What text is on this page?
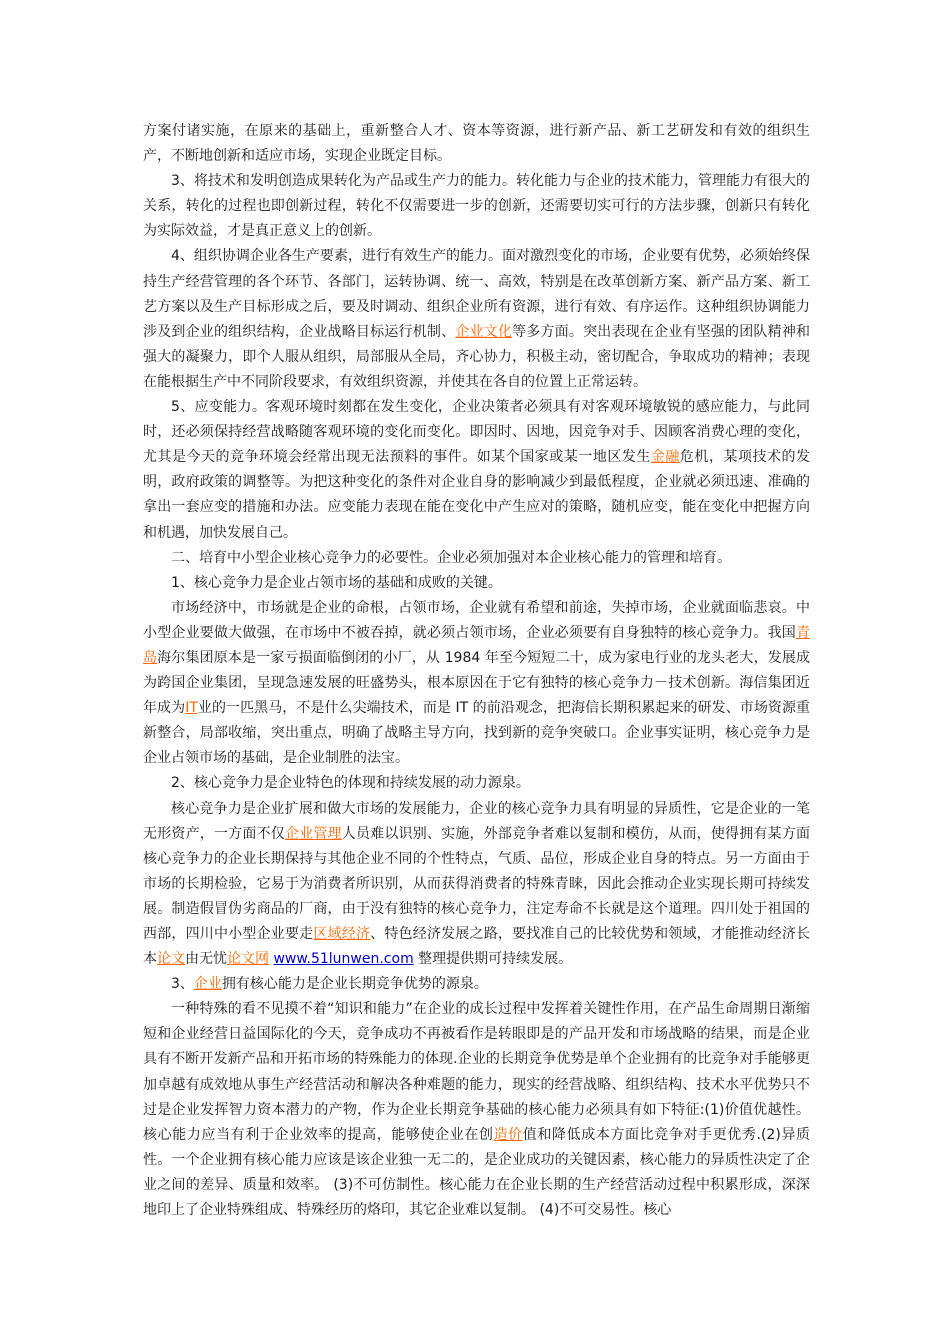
方案付诸实施，在原来的基础上，重新整合人才、资本等资源，进行新产品、新工艺研发和有效的组织生产，不断地创新和适应市场，实现企业既定目标。

3、将技术和发明创造成果转化为产品或生产力的能力。转化能力与企业的技术能力，管理能力有很大的关系，转化的过程也即创新过程，转化不仅需要进一步的创新，还需要切实可行的方法步骤，创新只有转化为实际效益，才是真正意义上的创新。

4、组织协调企业各生产要素，进行有效生产的能力。面对激烈变化的市场，企业要有优势，必须始终保持生产经营管理的各个环节、各部门，运转协调、统一、高效，特别是在改革创新方案、新产品方案、新工艺方案以及生产目标形成之后，要及时调动、组织企业所有资源，进行有效、有序运作。这种组织协调能力涉及到企业的组织结构，企业战略目标运行机制、企业文化等多方面。突出表现在企业有坚强的团队精神和强大的凝聚力，即个人服从组织，局部服从全局，齐心协力，积极主动，密切配合，争取成功的精神；表现在能根据生产中不同阶段要求，有效组织资源，并使其在各自的位置上正常运转。

5、应变能力。客观环境时刻都在发生变化，企业决策者必须具有对客观环境敏锐的感应能力，与此同时，还必须保持经营战略随客观环境的变化而变化。即因时、因地，因竞争对手、因顾客消费心理的变化，尤其是今天的竞争环境会经常出现无法预料的事件。如某个国家或某一地区发生金融危机，某项技术的发明，政府政策的调整等。为把这种变化的条件对企业自身的影响减少到最低程度，企业就必须迅速、准确的拿出一套应变的措施和办法。应变能力表现在能在变化中产生应对的策略，随机应变，能在变化中把握方向和机遇，加快发展自己。

二、培育中小型企业核心竞争力的必要性。企业必须加强对本企业核心能力的管理和培育。

1、核心竞争力是企业占领市场的基础和成败的关键。

市场经济中，市场就是企业的命根，占领市场，企业就有希望和前途，失掉市场，企业就面临悲哀。中小型企业要做大做强，在市场中不被吞掉，就必须占领市场，企业必须要有自身独特的核心竞争力。我国青岛海尔集团原本是一家亏损面临倒闭的小厂，从 1984 年至今短短二十，成为家电行业的龙头老大，发展成为跨国企业集团，呈现急速发展的旺盛势头，根本原因在于它有独特的核心竞争力－技术创新。海信集团近年成为IT业的一匹黑马，不是什么尖端技术，而是 IT 的前沿观念，把海信长期积累起来的研发、市场资源重新整合，局部收缩，突出重点，明确了战略主导方向，找到新的竞争突破口。企业事实证明，核心竞争力是企业占领市场的基础，是企业制胜的法宝。

2、核心竞争力是企业特色的体现和持续发展的动力源泉。

核心竞争力是企业扩展和做大市场的发展能力，企业的核心竞争力具有明显的异质性，它是企业的一笔无形资产，一方面不仅企业管理人员难以识别、实施，外部竞争者难以复制和模仿，从而，使得拥有某方面核心竞争力的企业长期保持与其他企业不同的个性特点，气质、品位，形成企业自身的特点。另一方面由于市场的长期检验，它易于为消费者所识别，从而获得消费者的特殊青睐，因此会推动企业实现长期可持续发展。制造假冒伪劣商品的厂商，由于没有独特的核心竞争力，注定寿命不长就是这个道理。四川处于祖国的西部，四川中小型企业要走区域经济、特色经济发展之路，要找准自己的比较优势和领域，才能推动经济长 本论文由无忧论文网 www.51lunwen.com 整理提供期可持续发展。

3、企业拥有核心能力是企业长期竞争优势的源泉。

一种特殊的看不见摸不着“知识和能力”在企业的成长过程中发挥着关键性作用，在产品生命周期日渐缩短和企业经营日益国际化的今天，竞争成功不再被看作是转眼即是的产品开发和市场战略的结果，而是企业具有不断开发新产品和开拓市场的特殊能力的体现.企业的长期竞争优势是单个企业拥有的比竞争对手能够更加卓越有成效地从事生产经营活动和解决各种难题的能力，现实的经营战略、组织结构、技术水平优势只不过是企业发挥智力资本潜力的产物，作为企业长期竞争基础的核心能力必须具有如下特征:(1)价值优越性。核心能力应当有利于企业效率的提高，能够使企业在创造价值和降低成本方面比竞争对手更优秀.(2)异质性。一个企业拥有核心能力应该是该企业独一无二的，是企业成功的关键因素，核心能力的异质性决定了企业之间的差异、质量和效率。 (3)不可仿制性。核心能力在企业长期的生产经营活动过程中积累形成，深深地印上了企业特殊组成、特殊经历的烙印，其它企业难以复制。 (4)不可交易性。核心
